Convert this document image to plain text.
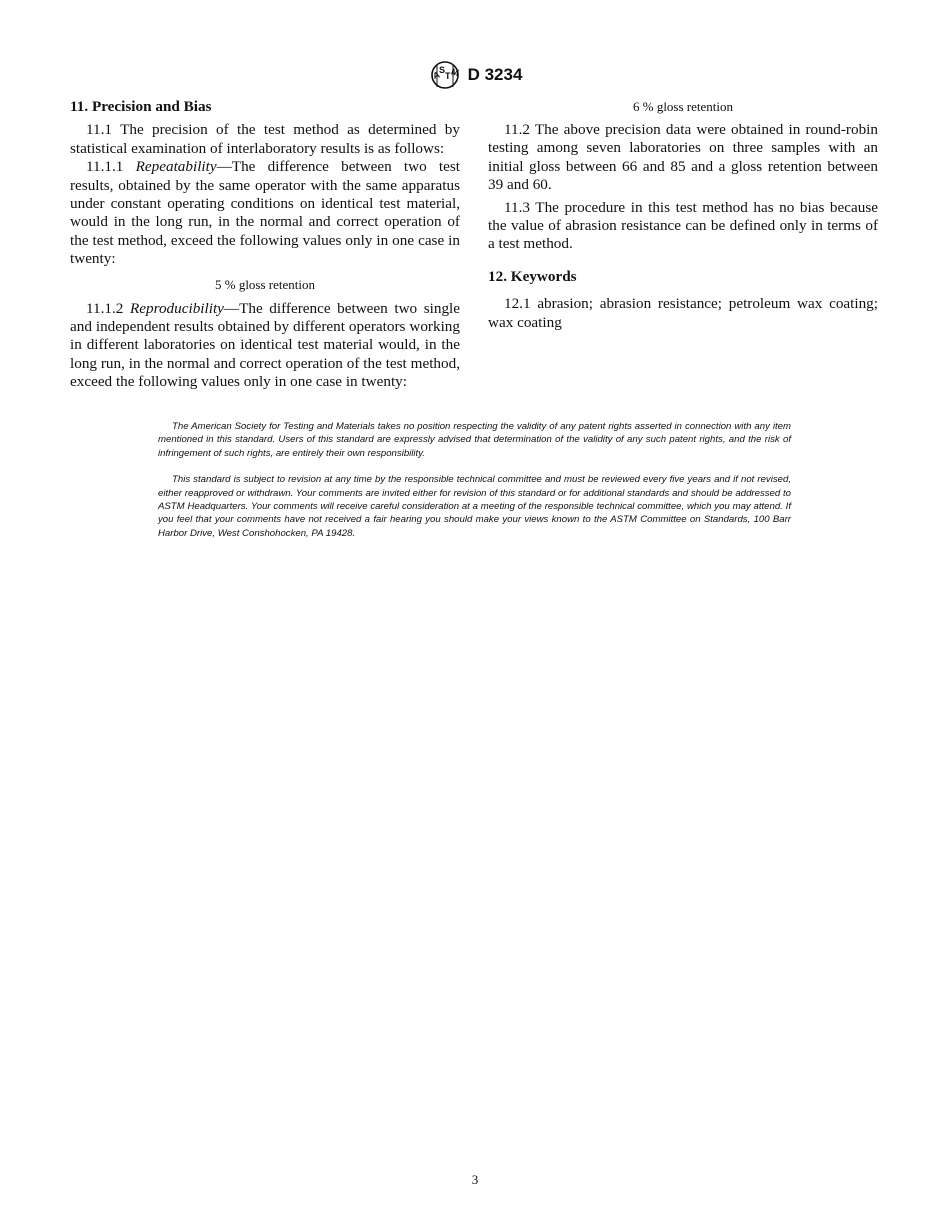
A
S
T M D 3234
11. Precision and Bias

11.1 The precision of the test method as determined by statistical examination of interlaboratory results is as follows:

11.1.1 Repeatability—The difference between two test results, obtained by the same operator with the same apparatus under constant operating conditions on identical test material, would in the long run, in the normal and correct operation of the test method, exceed the following values only in one case in twenty:

5 % gloss retention

11.1.2 Reproducibility—The difference between two single and independent results obtained by different operators working in different laboratories on identical test material would, in the long run, in the normal and correct operation of the test method, exceed the following values only in one case in twenty:

6 % gloss retention

11.2 The above precision data were obtained in round-robin testing among seven laboratories on three samples with an initial gloss between 66 and 85 and a gloss retention between 39 and 60.

11.3 The procedure in this test method has no bias because the value of abrasion resistance can be defined only in terms of a test method.

12. Keywords

12.1 abrasion; abrasion resistance; petroleum wax coating; wax coating

The American Society for Testing and Materials takes no position respecting the validity of any patent rights asserted in connection with any item mentioned in this standard. Users of this standard are expressly advised that determination of the validity of any such patent rights, and the risk of infringement of such rights, are entirely their own responsibility.

This standard is subject to revision at any time by the responsible technical committee and must be reviewed every five years and if not revised, either reapproved or withdrawn. Your comments are invited either for revision of this standard or for additional standards and should be addressed to ASTM Headquarters. Your comments will receive careful consideration at a meeting of the responsible technical committee, which you may attend. If you feel that your comments have not received a fair hearing you should make your views known to the ASTM Committee on Standards, 100 Barr Harbor Drive, West Conshohocken, PA 19428.

3
